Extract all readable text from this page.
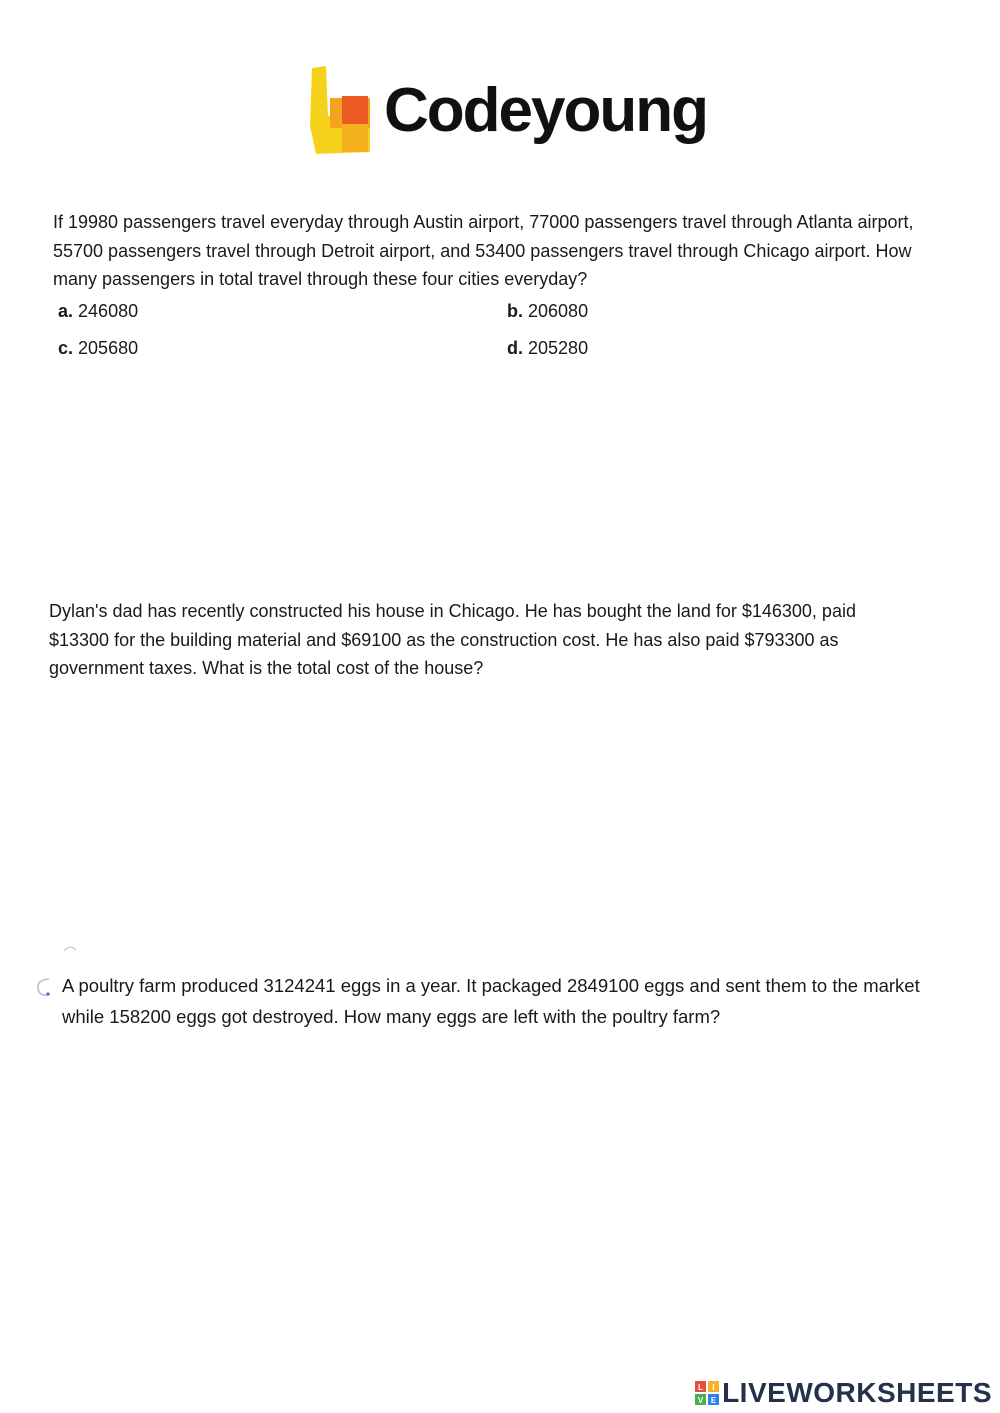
Codeyoung
If 19980 passengers travel everyday through Austin airport, 77000 passengers travel through Atlanta airport, 55700 passengers travel through Detroit airport, and 53400 passengers travel through Chicago airport. How many passengers in total travel through these four cities everyday?
a. 246080	b. 206080
c. 205680	d. 205280
Dylan's dad has recently constructed his house in Chicago. He has bought the land for $146300, paid $13300 for the building material and $69100 as the construction cost. He has also paid $793300 as government taxes. What is the total cost of the house?
A poultry farm produced 3124241 eggs in a year. It packaged 2849100 eggs and sent them to the market while 158200 eggs got destroyed. How many eggs are left with the poultry farm?
L I
V E LIVEWORKSHEETS
